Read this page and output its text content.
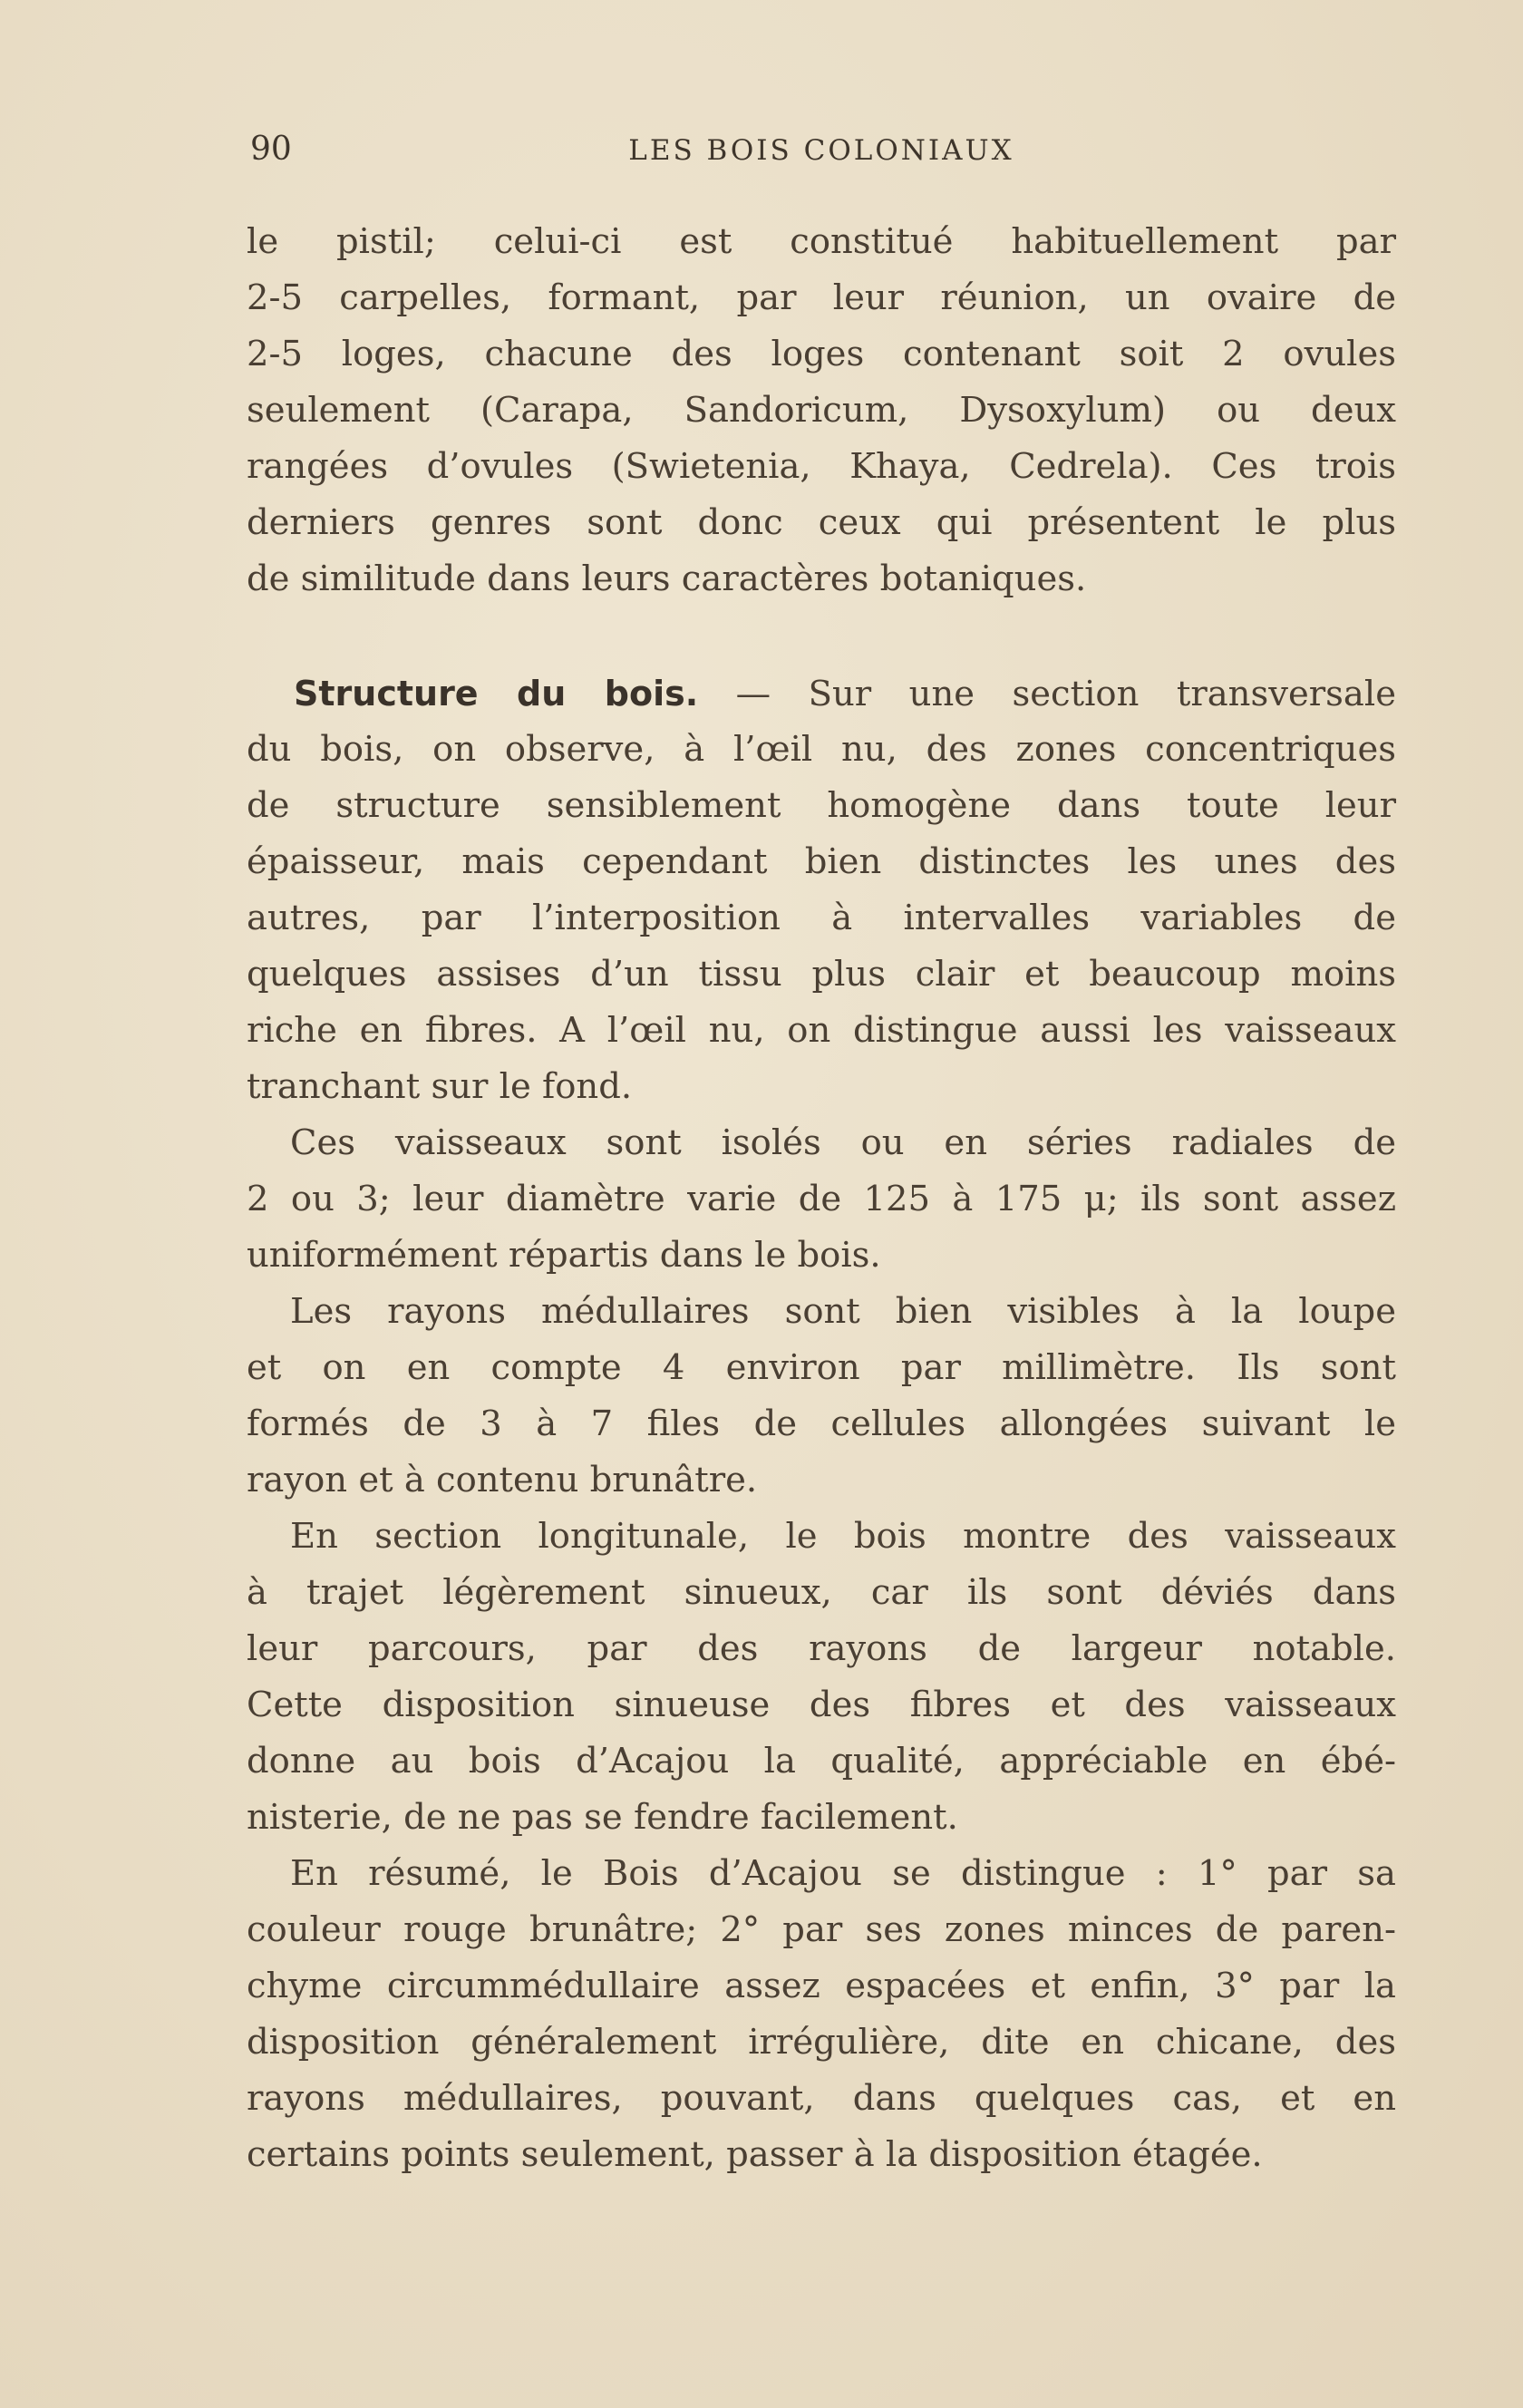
90	LES BOIS COLONIAUX
le pistil; celui-ci est constitué habituellement par
2-5 carpelles, formant, par leur réunion, un ovaire de
2-5 loges, chacune des loges contenant soit 2 ovules
seulement (Carapa, Sandoricum, Dysoxylum) ou deux
rangées d’ovules (Swietenia, Khaya, Cedrela). Ces trois
derniers genres sont donc ceux qui présentent le plus
de similitude dans leurs caractères botaniques.
Structure du bois. — Sur une section transversale
du bois, on observe, à l’œil nu, des zones concentriques
de structure sensiblement homogène dans toute leur
épaisseur, mais cependant bien distinctes les unes des
autres, par l’interposition à intervalles variables de
quelques assises d’un tissu plus clair et beaucoup moins
riche en fibres. A l’œil nu, on distingue aussi les vaisseaux
tranchant sur le fond.
Ces vaisseaux sont isolés ou en séries radiales de
2 ou 3; leur diamètre varie de 125 à 175 μ; ils sont assez
uniformément répartis dans le bois.
Les rayons médullaires sont bien visibles à la loupe
et on en compte 4 environ par millimètre. Ils sont
formés de 3 à 7 files de cellules allongées suivant le
rayon et à contenu brunâtre.
En section longitunale, le bois montre des vaisseaux
à trajet légèrement sinueux, car ils sont déviés dans
leur parcours, par des rayons de largeur notable.
Cette disposition sinueuse des fibres et des vaisseaux
donne au bois d’Acajou la qualité, appréciable en ébé-
nisterie, de ne pas se fendre facilement.
En résumé, le Bois d’Acajou se distingue : 1° par sa
couleur rouge brunâtre; 2° par ses zones minces de paren-
chyme circummédullaire assez espacées et enfin, 3° par la
disposition généralement irrégulière, dite en chicane, des
rayons médullaires, pouvant, dans quelques cas, et en
certains points seulement, passer à la disposition étagée.
